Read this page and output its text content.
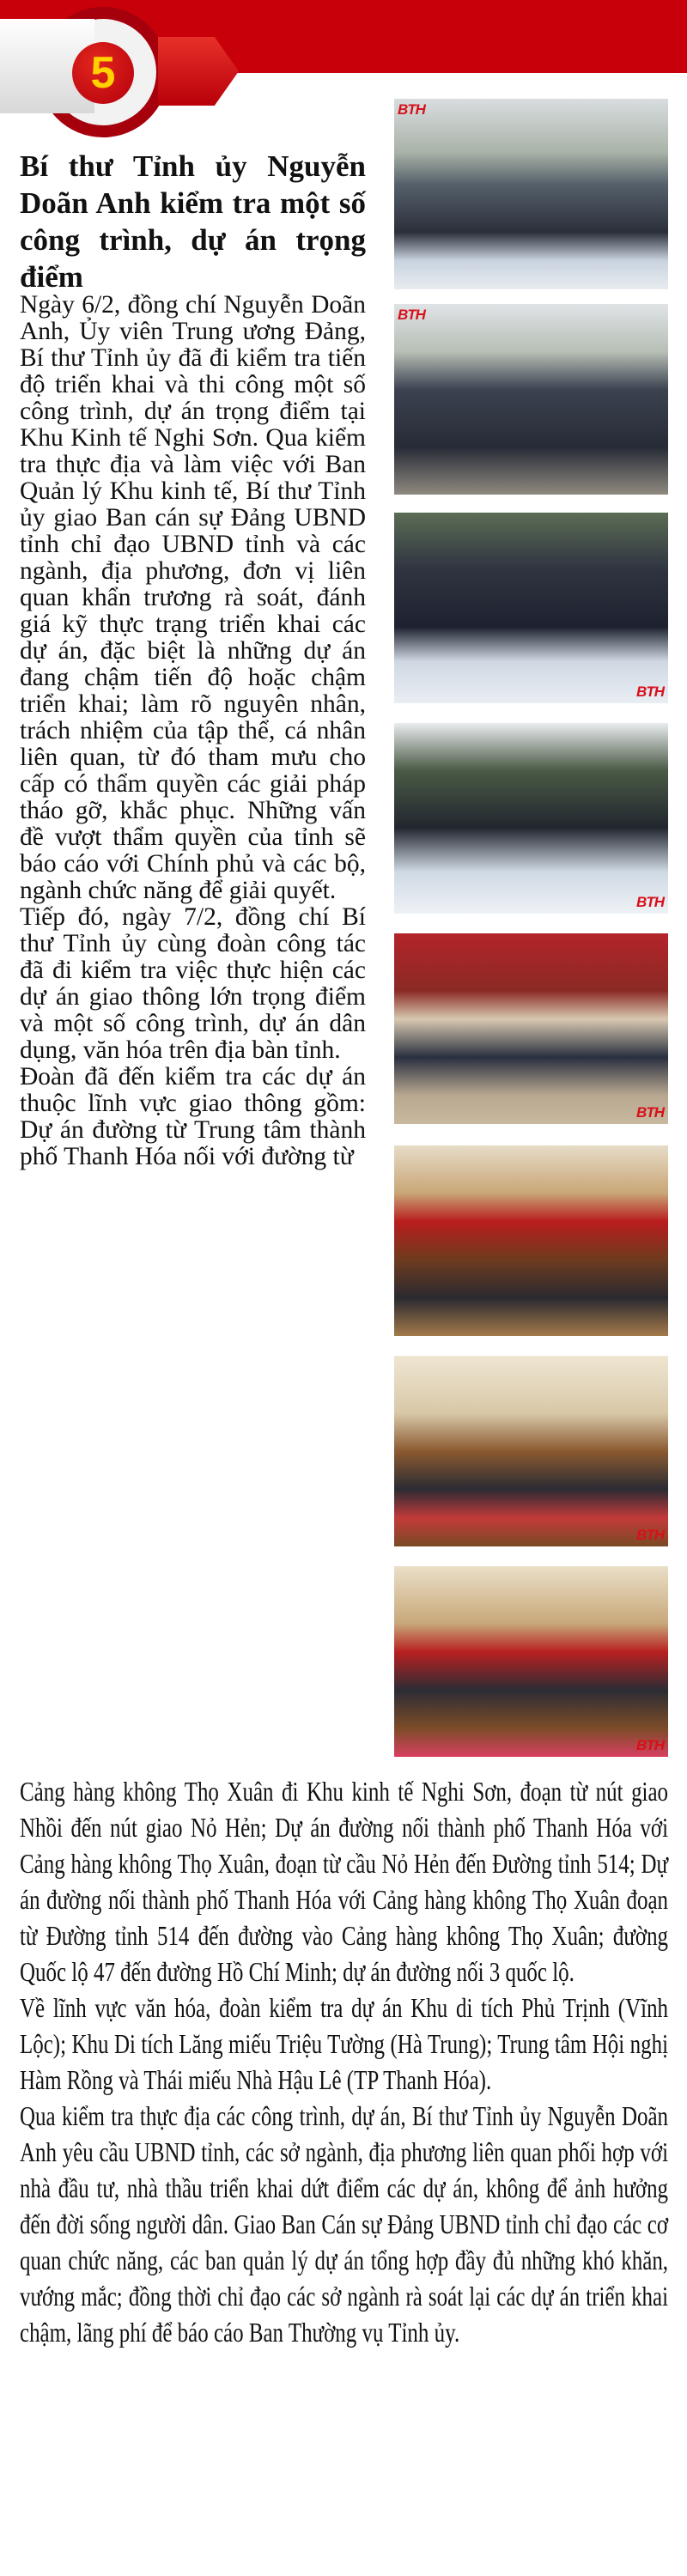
5
Bí thư Tỉnh ủy Nguyễn Doãn Anh kiểm tra một số công trình, dự án trọng điểm

Ngày 6/2, đồng chí Nguyễn Doãn Anh, Ủy viên Trung ương Đảng, Bí thư Tỉnh ủy đã đi kiểm tra tiến độ triển khai và thi công một số công trình, dự án trọng điểm tại Khu Kinh tế Nghi Sơn. Qua kiểm tra thực địa và làm việc với Ban Quản lý Khu kinh tế, Bí thư Tỉnh ủy giao Ban cán sự Đảng UBND tỉnh chỉ đạo UBND tỉnh và các ngành, địa phương, đơn vị liên quan khẩn trương rà soát, đánh giá kỹ thực trạng triển khai các dự án, đặc biệt là những dự án đang chậm tiến độ hoặc chậm triển khai; làm rõ nguyên nhân, trách nhiệm của tập thể, cá nhân liên quan, từ đó tham mưu cho cấp có thẩm quyền các giải pháp tháo gỡ, khắc phục. Những vấn đề vượt thẩm quyền của tỉnh sẽ báo cáo với Chính phủ và các bộ, ngành chức năng để giải quyết.

Tiếp đó, ngày 7/2, đồng chí Bí thư Tỉnh ủy cùng đoàn công tác đã đi kiểm tra việc thực hiện các dự án giao thông lớn trọng điểm và một số công trình, dự án dân dụng, văn hóa trên địa bàn tỉnh.

Đoàn đã đến kiểm tra các dự án thuộc lĩnh vực giao thông gồm: Dự án đường từ Trung tâm thành phố Thanh Hóa nối với đường từ

Cảng hàng không Thọ Xuân đi Khu kinh tế Nghi Sơn, đoạn từ nút giao Nhồi đến nút giao Nỏ Hẻn; Dự án đường nối thành phố Thanh Hóa với Cảng hàng không Thọ Xuân, đoạn từ cầu Nỏ Hẻn đến Đường tỉnh 514; Dự án đường nối thành phố Thanh Hóa với Cảng hàng không Thọ Xuân đoạn từ Đường tỉnh 514 đến đường vào Cảng hàng không Thọ Xuân; đường Quốc lộ 47 đến đường Hồ Chí Minh; dự án đường nối 3 quốc lộ.

Về lĩnh vực văn hóa, đoàn kiểm tra dự án Khu di tích Phủ Trịnh (Vĩnh Lộc); Khu Di tích Lăng miếu Triệu Tường (Hà Trung); Trung tâm Hội nghị Hàm Rồng và Thái miếu Nhà Hậu Lê (TP Thanh Hóa).

Qua kiểm tra thực địa các công trình, dự án, Bí thư Tỉnh ủy Nguyễn Doãn Anh yêu cầu UBND tỉnh, các sở ngành, địa phương liên quan phối hợp với nhà đầu tư, nhà thầu triển khai dứt điểm các dự án, không để ảnh hưởng đến đời sống người dân. Giao Ban Cán sự Đảng UBND tỉnh chỉ đạo các cơ quan chức năng, các ban quản lý dự án tổng hợp đầy đủ những khó khăn, vướng mắc; đồng thời chỉ đạo các sở ngành rà soát lại các dự án triển khai chậm, lãng phí để báo cáo Ban Thường vụ Tỉnh ủy.

BTH
BTH
BTH
BTH
BTH
BTH
BTH
